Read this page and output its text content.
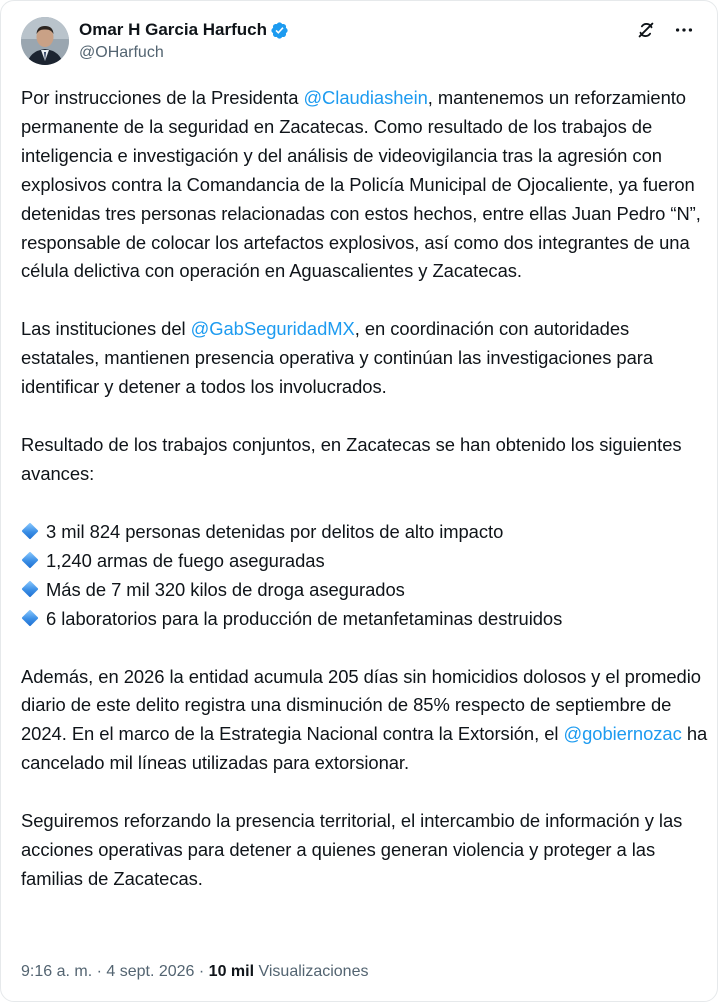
Omar H Garcia Harfuch
@OHarfuch

Por instrucciones de la Presidenta @Claudiashein, mantenemos un reforzamiento permanente de la seguridad en Zacatecas. Como resultado de los trabajos de inteligencia e investigación y del análisis de videovigilancia tras la agresión con explosivos contra la Comandancia de la Policía Municipal de Ojocaliente, ya fueron detenidas tres personas relacionadas con estos hechos, entre ellas Juan Pedro “N”, responsable de colocar los artefactos explosivos, así como dos integrantes de una célula delictiva con operación en Aguascalientes y Zacatecas.

Las instituciones del @GabSeguridadMX, en coordinación con autoridades estatales, mantienen presencia operativa y continúan las investigaciones para identificar y detener a todos los involucrados.

Resultado de los trabajos conjuntos, en Zacatecas se han obtenido los siguientes avances:

3 mil 824 personas detenidas por delitos de alto impacto
1,240 armas de fuego aseguradas
Más de 7 mil 320 kilos de droga asegurados
6 laboratorios para la producción de metanfetaminas destruidos

Además, en 2026 la entidad acumula 205 días sin homicidios dolosos y el promedio diario de este delito registra una disminución de 85% respecto de septiembre de 2024. En el marco de la Estrategia Nacional contra la Extorsión, el @gobiernozac ha cancelado mil líneas utilizadas para extorsionar.

Seguiremos reforzando la presencia territorial, el intercambio de información y las acciones operativas para detener a quienes generan violencia y proteger a las familias de Zacatecas.

9:16 a. m. · 4 sept. 2026 · 10 mil Visualizaciones
